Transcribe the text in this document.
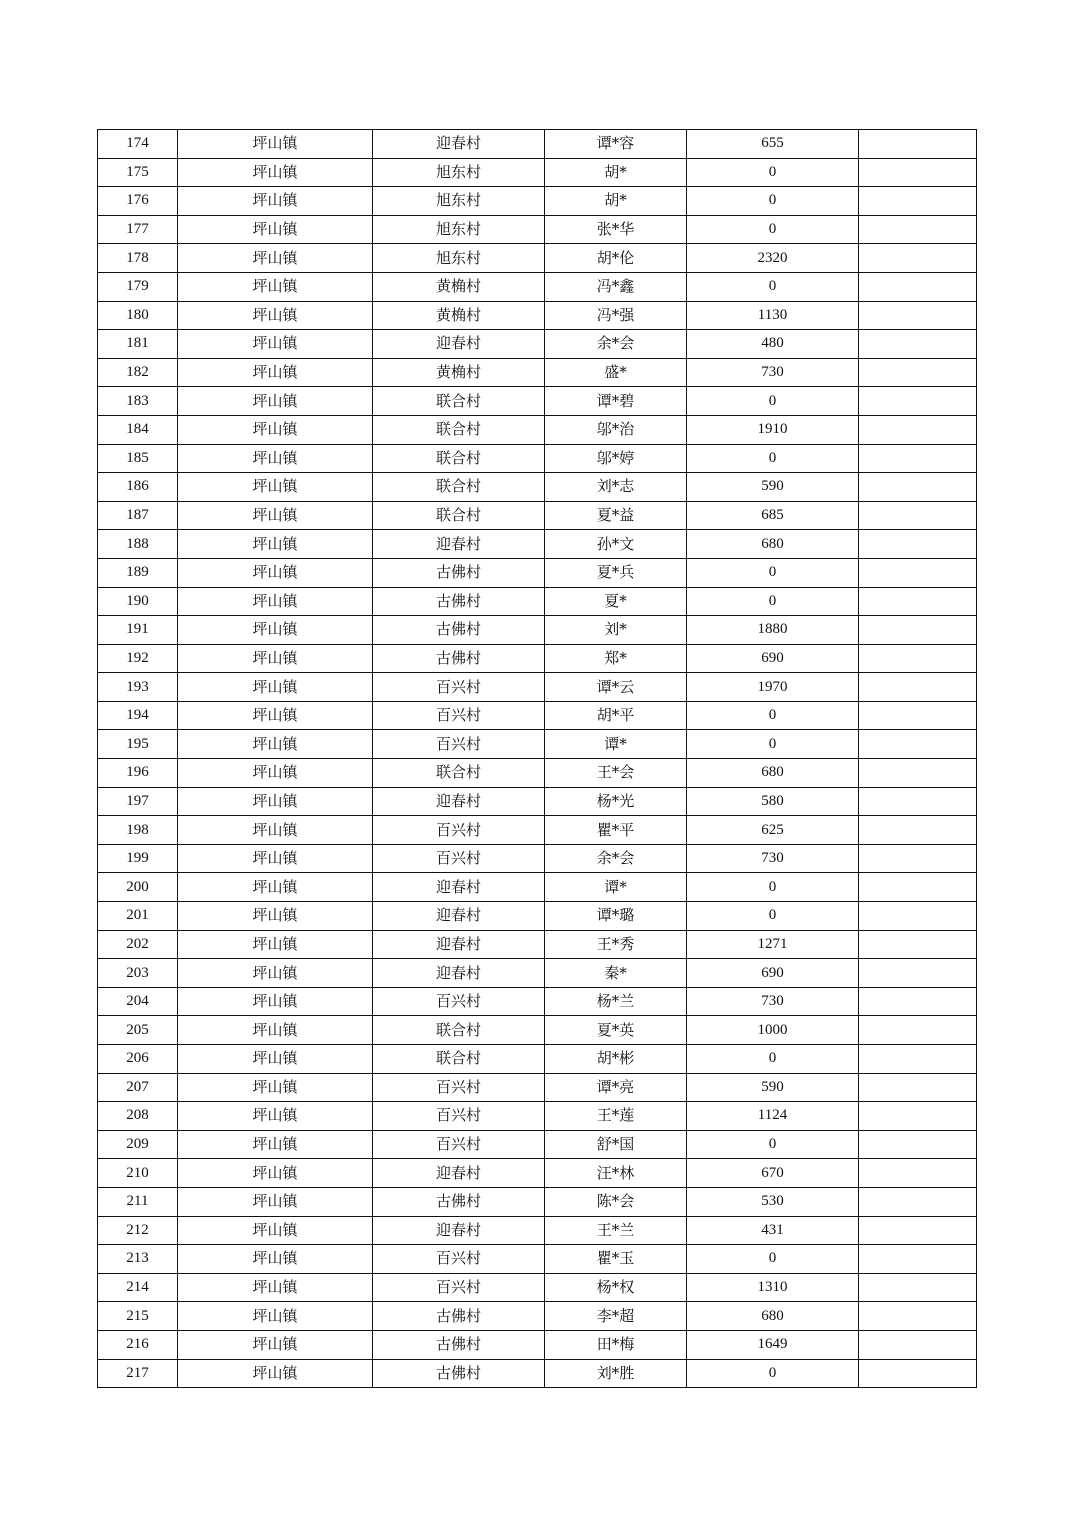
174	坪山镇	迎春村	谭*容	655	
175	坪山镇	旭东村	胡*	0	
176	坪山镇	旭东村	胡*	0	
177	坪山镇	旭东村	张*华	0	
178	坪山镇	旭东村	胡*伦	2320	
179	坪山镇	黄桷村	冯*鑫	0	
180	坪山镇	黄桷村	冯*强	1130	
181	坪山镇	迎春村	余*会	480	
182	坪山镇	黄桷村	盛*	730	
183	坪山镇	联合村	谭*碧	0	
184	坪山镇	联合村	邬*治	1910	
185	坪山镇	联合村	邬*婷	0	
186	坪山镇	联合村	刘*志	590	
187	坪山镇	联合村	夏*益	685	
188	坪山镇	迎春村	孙*文	680	
189	坪山镇	古佛村	夏*兵	0	
190	坪山镇	古佛村	夏*	0	
191	坪山镇	古佛村	刘*	1880	
192	坪山镇	古佛村	郑*	690	
193	坪山镇	百兴村	谭*云	1970	
194	坪山镇	百兴村	胡*平	0	
195	坪山镇	百兴村	谭*	0	
196	坪山镇	联合村	王*会	680	
197	坪山镇	迎春村	杨*光	580	
198	坪山镇	百兴村	瞿*平	625	
199	坪山镇	百兴村	余*会	730	
200	坪山镇	迎春村	谭*	0	
201	坪山镇	迎春村	谭*璐	0	
202	坪山镇	迎春村	王*秀	1271	
203	坪山镇	迎春村	秦*	690	
204	坪山镇	百兴村	杨*兰	730	
205	坪山镇	联合村	夏*英	1000	
206	坪山镇	联合村	胡*彬	0	
207	坪山镇	百兴村	谭*亮	590	
208	坪山镇	百兴村	王*莲	1124	
209	坪山镇	百兴村	舒*国	0	
210	坪山镇	迎春村	汪*林	670	
211	坪山镇	古佛村	陈*会	530	
212	坪山镇	迎春村	王*兰	431	
213	坪山镇	百兴村	瞿*玉	0	
214	坪山镇	百兴村	杨*权	1310	
215	坪山镇	古佛村	李*超	680	
216	坪山镇	古佛村	田*梅	1649	
217	坪山镇	古佛村	刘*胜	0	
